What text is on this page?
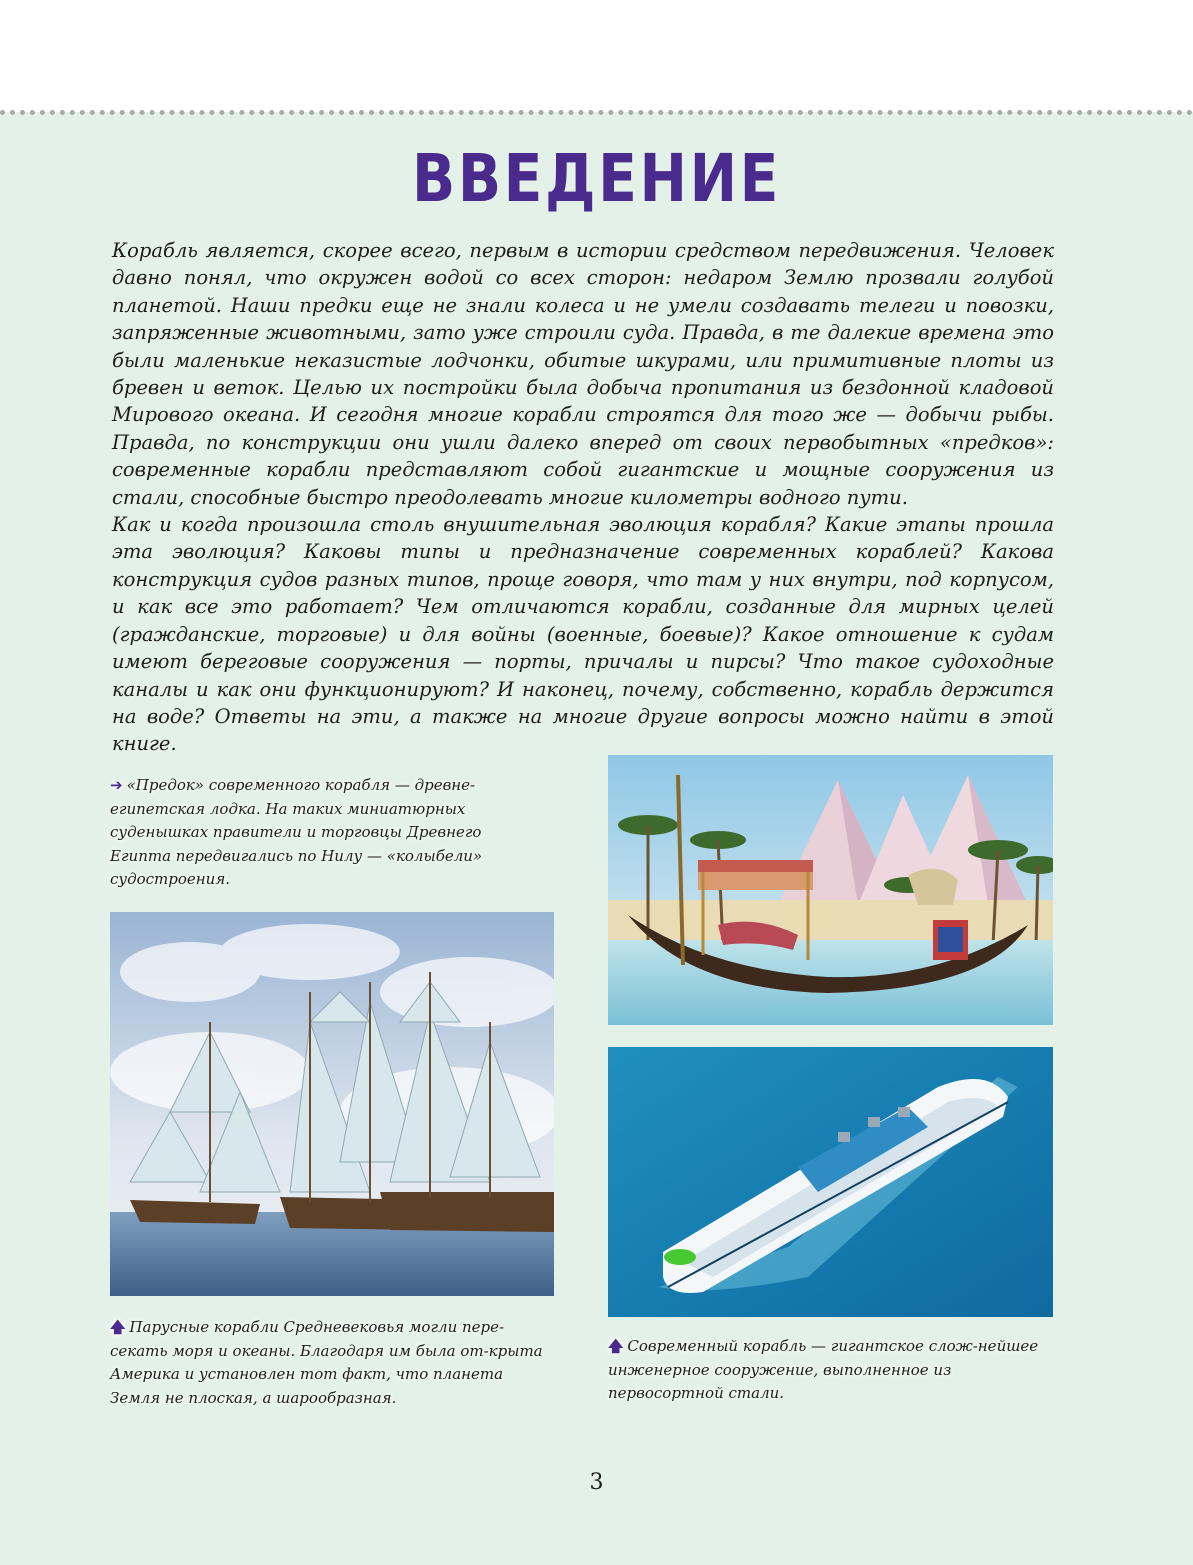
ВВЕДЕНИЕ

Корабль является, скорее всего, первым в истории средством передвижения. Человек давно понял, что окружен водой со всех сторон: недаром Землю прозвали голубой планетой. Наши предки еще не знали колеса и не умели создавать телеги и повозки, запряженные животными, зато уже строили суда. Правда, в те далекие времена это были маленькие неказистые лодчонки, обитые шкурами, или примитивные плоты из бревен и веток. Целью их постройки была добыча пропитания из бездонной кладовой Мирового океана. И сегодня многие корабли строятся для того же — добычи рыбы. Правда, по конструкции они ушли далеко вперед от своих первобытных «предков»: современные корабли представляют собой гигантские и мощные сооружения из стали, способные быстро преодолевать многие километры водного пути.

Как и когда произошла столь внушительная эволюция корабля? Какие этапы прошла эта эволюция? Каковы типы и предназначение современных кораблей? Какова конструкция судов разных типов, проще говоря, что там у них внутри, под корпусом, и как все это работает? Чем отличаются корабли, созданные для мирных целей (гражданские, торговые) и для войны (военные, боевые)? Какое отношение к судам имеют береговые сооружения — порты, причалы и пирсы? Что такое судоходные каналы и как они функционируют? И наконец, почему, собственно, корабль держится на воде? Ответы на эти, а также на многие другие вопросы можно найти в этой книге.

➔ «Предок» современного корабля — древне-египетская лодка. На таких миниатюрных суденышках правители и торговцы Древнего Египта передвигались по Нилу — «колыбели» судостроения.
🡅 Парусные корабли Средневековья могли пере-секать моря и океаны. Благодаря им была от-крыта Америка и установлен тот факт, что планета Земля не плоская, а шарообразная.
🡅 Современный корабль — гигантское слож-нейшее инженерное сооружение, выполненное из первосортной стали.
3
